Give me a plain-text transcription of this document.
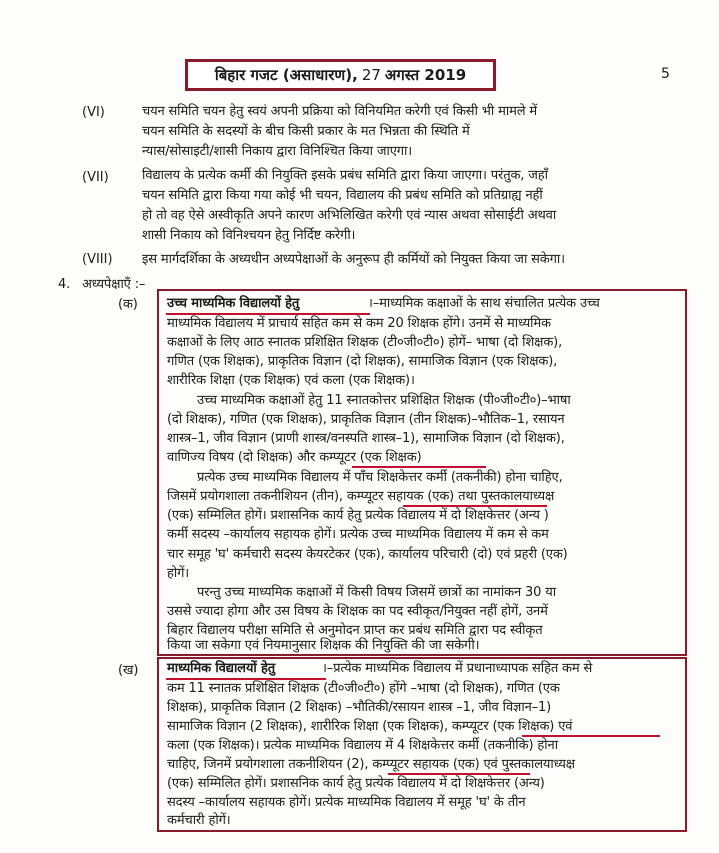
बिहार गजट (असाधारण), 27 अगस्त 2019	5
(VI)	चयन समिति चयन हेतु स्वयं अपनी प्रक्रिया को विनियमित करेगी एवं किसी भी मामले में
चयन समिति के सदस्यों के बीच किसी प्रकार के मत भिन्नता की स्थिति में
न्यास/सोसाइटी/शासी निकाय द्वारा विनिश्चित किया जाएगा।
(VII)	विद्यालय के प्रत्येक कर्मी की नियुक्ति इसके प्रबंध समिति द्वारा किया जाएगा। परंतुक, जहाँ
चयन समिति द्वारा किया गया कोई भी चयन, विद्यालय की प्रबंध समिति को प्रतिग्राह्य नहीं
हो तो वह ऐसे अस्वीकृति अपने कारण अभिलिखित करेगी एवं न्यास अथवा सोसाईटी अथवा
शासी निकाय को विनिश्चयन हेतु निर्दिष्ट करेगी।
(VIII) इस मार्गदर्शिका के अध्यधीन अध्यपेक्षाओं के अनुरूप ही कर्मियों को नियुक्त किया जा सकेगा।
4. अध्यपेक्षाएँ :–
(क) उच्च माध्यमिक विद्यालयों हेतु	।–माध्यमिक कक्षाओं के साथ संचालित प्रत्येक उच्च
माध्यमिक विद्यालय में प्राचार्य सहित कम से कम 20 शिक्षक होंगे। उनमें से माध्यमिक
कक्षाओं के लिए आठ स्नातक प्रशिक्षित शिक्षक (टी०जी०टी०) होगें– भाषा (दो शिक्षक),
गणित (एक शिक्षक), प्राकृतिक विज्ञान (दो शिक्षक), सामाजिक विज्ञान (एक शिक्षक),
शारीरिक शिक्षा (एक शिक्षक) एवं कला (एक शिक्षक)।
उच्च माध्यमिक कक्षाओं हेतु 11 स्नातकोत्तर प्रशिक्षित शिक्षक (पी०जी०टी०)–भाषा
(दो शिक्षक), गणित (एक शिक्षक), प्राकृतिक विज्ञान (तीन शिक्षक)–भौतिक–1, रसायन
शास्त्र–1, जीव विज्ञान (प्राणी शास्त्र/वनस्पति शास्त्र–1), सामाजिक विज्ञान (दो शिक्षक),
वाणिज्य विषय (दो शिक्षक) और कम्प्यूटर (एक शिक्षक)
प्रत्येक उच्च माध्यमिक विद्यालय में पाँच शिक्षकेत्तर कर्मी (तकनीकी) होना चाहिए,
जिसमें प्रयोगशाला तकनीशियन (तीन), कम्प्यूटर सहायक (एक) तथा पुस्तकालयाध्यक्ष
(एक) सम्मिलित होगें। प्रशासनिक कार्य हेतु प्रत्येक विद्यालय में दो शिक्षकेत्तर (अन्य )
कर्मी सदस्य –कार्यालय सहायक होगें। प्रत्येक उच्च माध्यमिक विद्यालय में कम से कम
चार समूह 'घ' कर्मचारी सदस्य केयरटेकर (एक), कार्यालय परिचारी (दो) एवं प्रहरी (एक)
होगें।
परन्तु उच्च माध्यमिक कक्षाओं में किसी विषय जिसमें छात्रों का नामांकन 30 या
उससे ज्यादा होगा और उस विषय के शिक्षक का पद स्वीकृत/नियुक्त नहीं होगें, उनमें
बिहार विद्यालय परीक्षा समिति से अनुमोदन प्राप्त कर प्रबंध समिति द्वारा पद स्वीकृत
किया जा सकेगा एवं नियमानुसार शिक्षक की नियुक्ति की जा सकेगी।
(ख) माध्यमिक विद्यालयों हेतु	।–प्रत्येक माध्यमिक विद्यालय में प्रधानाध्यापक सहित कम से
कम 11 स्नातक प्रशिक्षित शिक्षक (टी०जी०टी०) होंगे –भाषा (दो शिक्षक), गणित (एक
शिक्षक), प्राकृतिक विज्ञान (2 शिक्षक) –भौतिकी/रसायन शास्त्र –1, जीव विज्ञान–1)
सामाजिक विज्ञान (2 शिक्षक), शारीरिक शिक्षा (एक शिक्षक), कम्प्यूटर (एक शिक्षक) एवं
कला (एक शिक्षक)। प्रत्येक माध्यमिक विद्यालय में 4 शिक्षकेत्तर कर्मी (तकनीकि) होना
चाहिए, जिनमें प्रयोगशाला तकनीशियन (2), कम्प्यूटर सहायक (एक) एवं पुस्तकालयाध्यक्ष
(एक) सम्मिलित होगें। प्रशासनिक कार्य हेतु प्रत्येक विद्यालय में दो शिक्षकेत्तर (अन्य)
सदस्य –कार्यालय सहायक होगें। प्रत्येक माध्यमिक विद्यालय में समूह 'घ' के तीन
कर्मचारी होगें।
